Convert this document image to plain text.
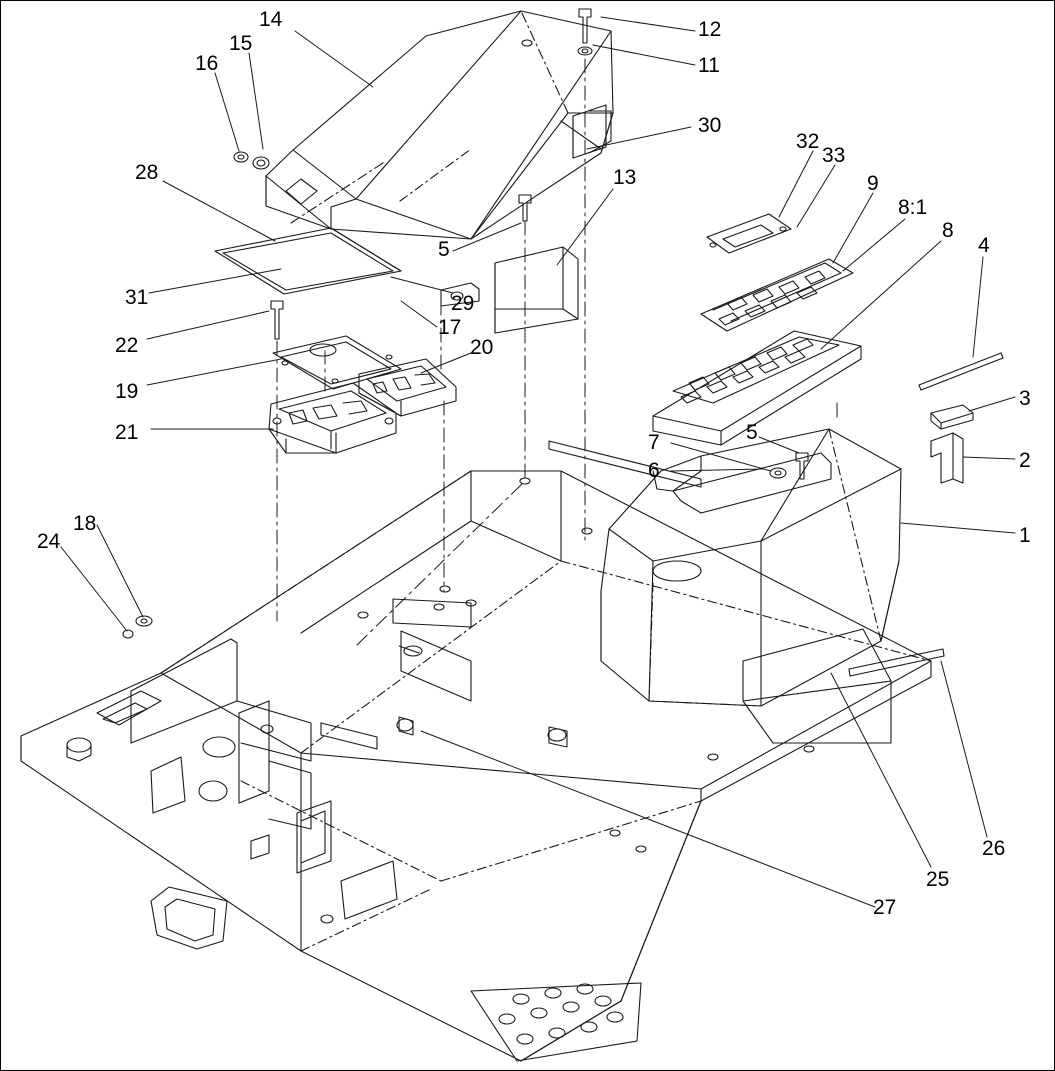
14	12
11
15
16
30
32
33
9
8:1
28	13
8
4
5
31	29
22
17
20
3
19
2
21	7	5
6
1
18
24
26
25
27
